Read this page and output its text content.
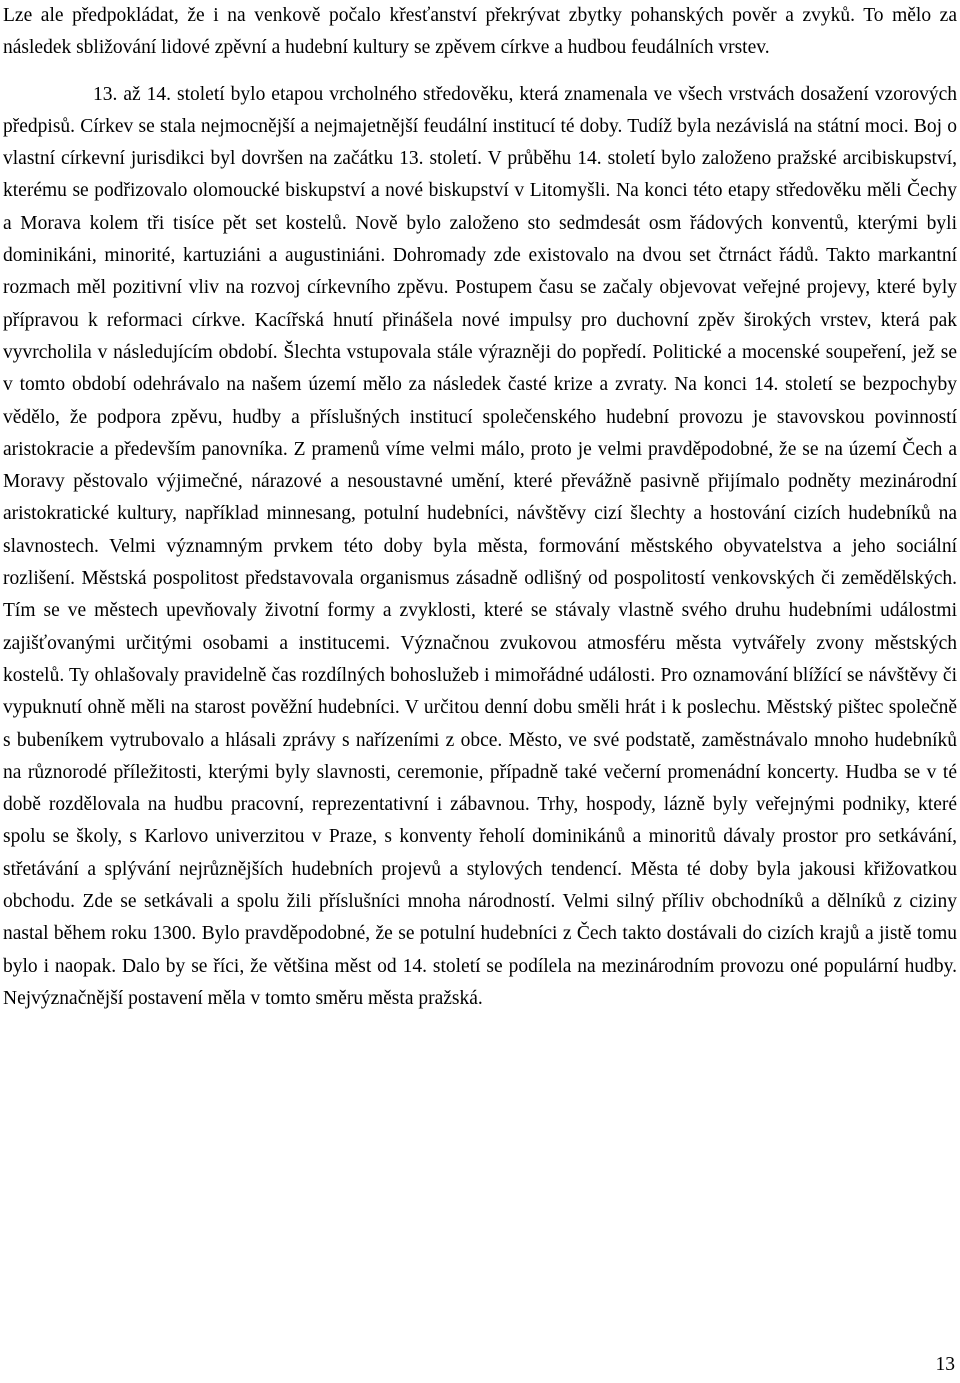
Lze ale předpokládat, že i na venkově počalo křesťanství překrývat zbytky pohanských pověr a zvyků. To mělo za následek sbližování lidové zpěvní a hudební kultury se zpěvem církve a hudbou feudálních vrstev.

13. až 14. století bylo etapou vrcholného středověku, která znamenala ve všech vrstvách dosažení vzorových předpisů. Církev se stala nejmocnější a nejmajetnější feudální institucí té doby. Tudíž byla nezávislá na státní moci. Boj o vlastní církevní jurisdikci byl dovršen na začátku 13. století. V průběhu 14. století bylo založeno pražské arcibiskupství, kterému se podřizovalo olomoucké biskupství a nové biskupství v Litomyšli. Na konci této etapy středověku měli Čechy a Morava kolem tři tisíce pět set kostelů. Nově bylo založeno sto sedmdesát osm řádových konventů, kterými byli dominikáni, minorité, kartuziáni a augustiniáni. Dohromady zde existovalo na dvou set čtrnáct řádů. Takto markantní rozmach měl pozitivní vliv na rozvoj církevního zpěvu. Postupem času se začaly objevovat veřejné projevy, které byly přípravou k reformaci církve. Kacířská hnutí přinášela nové impulsy pro duchovní zpěv širokých vrstev, která pak vyvrcholila v následujícím období. Šlechta vstupovala stále výrazněji do popředí. Politické a mocenské soupeření, jež se v tomto období odehrávalo na našem území mělo za následek časté krize a zvraty. Na konci 14. století se bezpochyby vědělo, že podpora zpěvu, hudby a příslušných institucí společenského hudební provozu je stavovskou povinností aristokracie a především panovníka. Z pramenů víme velmi málo, proto je velmi pravděpodobné, že se na území Čech a Moravy pěstovalo výjimečné, nárazové a nesoustavné umění, které převážně pasivně přijímalo podněty mezinárodní aristokratické kultury, například minnesang, potulní hudebníci, návštěvy cizí šlechty a hostování cizích hudebníků na slavnostech. Velmi významným prvkem této doby byla města, formování městského obyvatelstva a jeho sociální rozlišení. Městská pospolitost představovala organismus zásadně odlišný od pospolitostí venkovských či zemědělských. Tím se ve městech upevňovaly životní formy a zvyklosti, které se stávaly vlastně svého druhu hudebními událostmi zajišťovanými určitými osobami a institucemi. Význačnou zvukovou atmosféru města vytvářely zvony městských kostelů. Ty ohlašovaly pravidelně čas rozdílných bohoslužeb i mimořádné události. Pro oznamování blížící se návštěvy či vypuknutí ohně měli na starost pověžní hudebníci. V určitou denní dobu směli hrát i k poslechu. Městský pištec společně s bubeníkem vytrubovalo a hlásali zprávy s nařízeními z obce. Město, ve své podstatě, zaměstnávalo mnoho hudebníků na různorodé příležitosti, kterými byly slavnosti, ceremonie, případně také večerní promenádní koncerty. Hudba se v té době rozdělovala na hudbu pracovní, reprezentativní i zábavnou. Trhy, hospody, lázně byly veřejnými podniky, které spolu se školy, s Karlovo univerzitou v Praze, s konventy řeholí dominikánů a minoritů dávaly prostor pro setkávání, střetávání a splývání nejrůznějších hudebních projevů a stylových tendencí. Města té doby byla jakousi křižovatkou obchodu. Zde se setkávali a spolu žili příslušníci mnoha národností. Velmi silný příliv obchodníků a dělníků z ciziny nastal během roku 1300. Bylo pravděpodobné, že se potulní hudebníci z Čech takto dostávali do cizích krajů a jistě tomu bylo i naopak. Dalo by se říci, že většina měst od 14. století se podílela na mezinárodním provozu oné populární hudby. Nejvýznačnější postavení měla v tomto směru města pražská.

13
